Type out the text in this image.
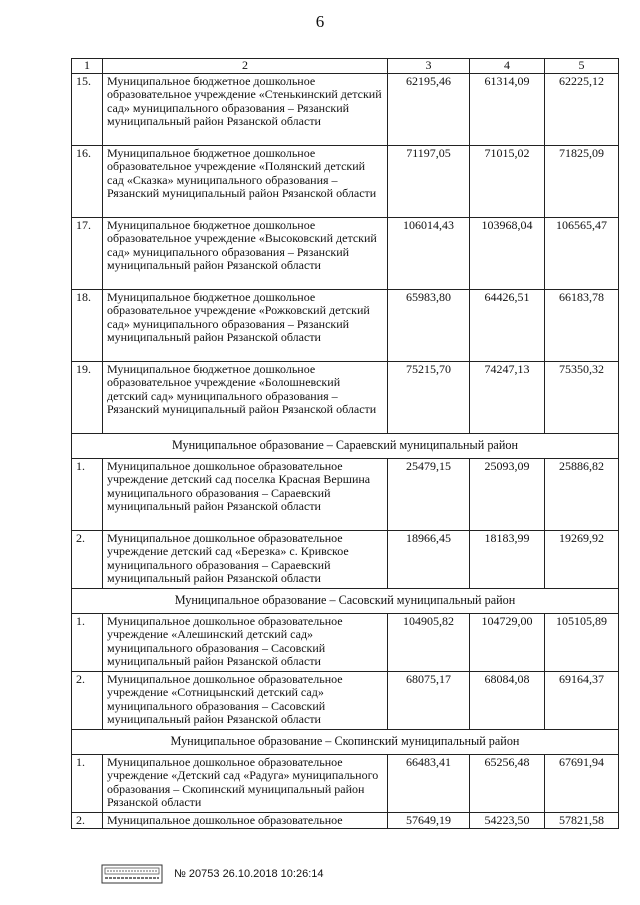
6
1	2	3	4	5
15.	Муниципальное бюджетное дошкольное образовательное учреждение «Стенькинский детский сад» муниципального образования – Рязанский муниципальный район Рязанской области	62195,46	61314,09	62225,12
16.	Муниципальное бюджетное дошкольное образовательное учреждение «Полянский детский сад «Сказка» муниципального образования – Рязанский муниципальный район Рязанской области	71197,05	71015,02	71825,09
17.	Муниципальное бюджетное дошкольное образовательное учреждение «Высоковский детский сад» муниципального образования – Рязанский муниципальный район Рязанской области	106014,43	103968,04	106565,47
18.	Муниципальное бюджетное дошкольное образовательное учреждение «Рожковский детский сад» муниципального образования – Рязанский муниципальный район Рязанской области	65983,80	64426,51	66183,78
19.	Муниципальное бюджетное дошкольное образовательное учреждение «Болошневский детский сад» муниципального образования – Рязанский муниципальный район Рязанской области	75215,70	74247,13	75350,32
Муниципальное образование – Сараевский муниципальный район				
1.	Муниципальное дошкольное образовательное учреждение детский сад поселка Красная Вершина муниципального образования – Сараевский муниципальный район Рязанской области	25479,15	25093,09	25886,82
2.	Муниципальное дошкольное образовательное учреждение детский сад «Березка» с. Кривское муниципального образования – Сараевский муниципальный район Рязанской области	18966,45	18183,99	19269,92
Муниципальное образование – Сасовский муниципальный район				
1.	Муниципальное дошкольное образовательное учреждение «Алешинский детский сад» муниципального образования – Сасовский муниципальный район Рязанской области	104905,82	104729,00	105105,89
2.	Муниципальное дошкольное образовательное учреждение «Сотницынский детский сад» муниципального образования – Сасовский муниципальный район Рязанской области	68075,17	68084,08	69164,37
Муниципальное образование – Скопинский муниципальный район				
1.	Муниципальное дошкольное образовательное учреждение «Детский сад «Радуга» муниципального образования – Скопинский муниципальный район Рязанской области	66483,41	65256,48	67691,94
2.	Муниципальное дошкольное образовательное	57649,19	54223,50	57821,58
№ 20753 26.10.2018 10:26:14
